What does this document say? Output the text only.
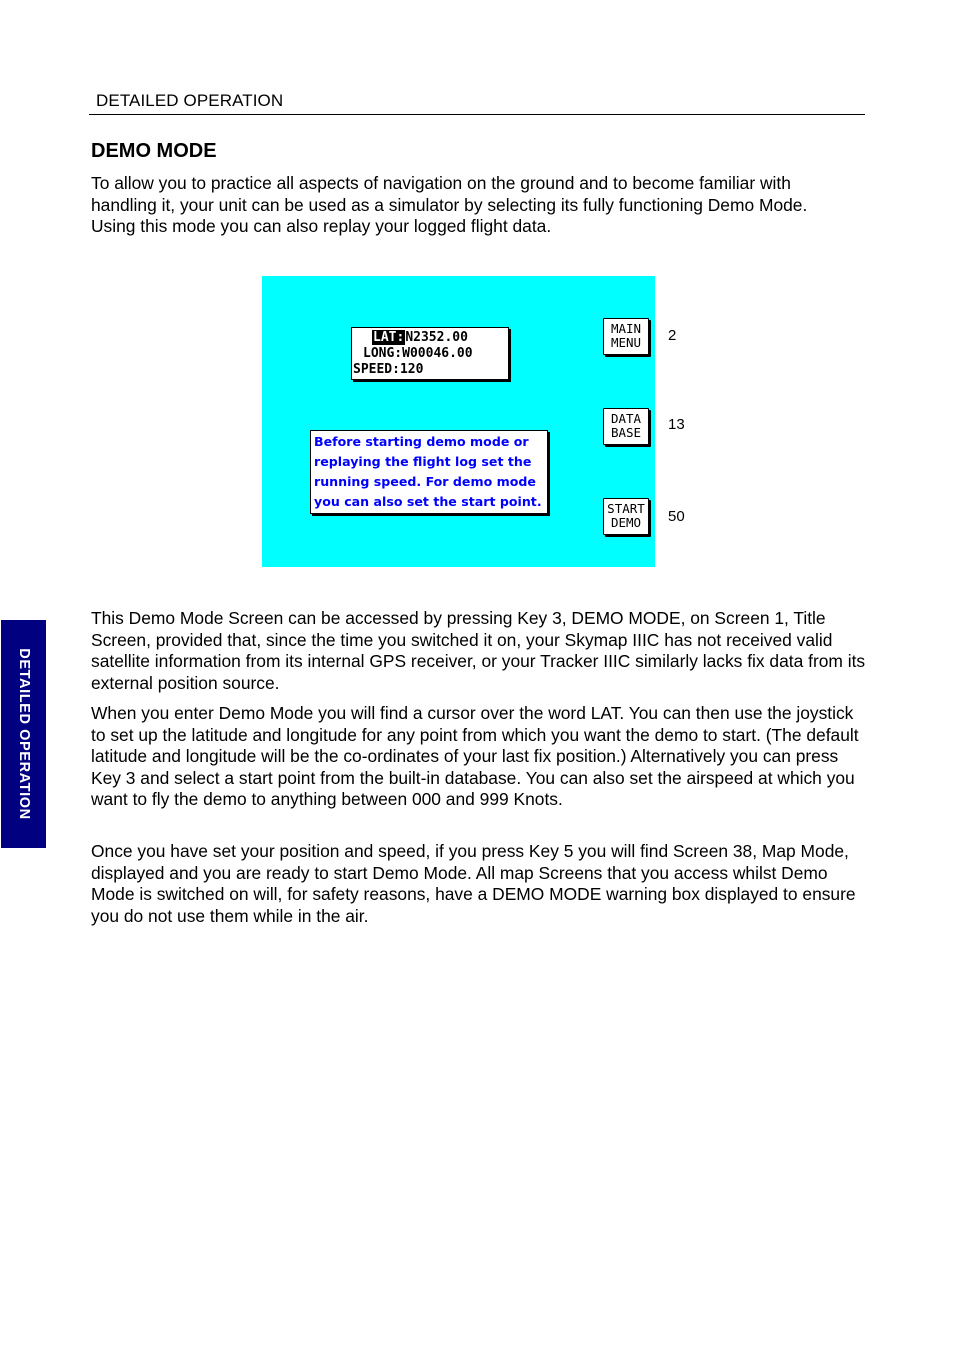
DETAILED OPERATION
DEMO MODE

To allow you to practice all aspects of navigation on the ground and to become familiar with handling it, your unit can be used as a simulator by selecting its fully functioning Demo Mode. Using this mode you can also replay your logged flight data.

LAT:N2352.00
LONG:W00046.00
SPEED:120
Before starting demo mode or
replaying the flight log set the
running speed. For demo mode
you can also set the start point.
MAIN
MENU
DATA
BASE
START
DEMO
2
13
50

This Demo Mode Screen can be accessed by pressing Key 3, DEMO MODE, on Screen 1, Title Screen, provided that, since the time you switched it on, your Skymap IIIC has not received valid satellite information from its internal GPS receiver, or your Tracker IIIC similarly lacks fix data from its external position source.

When you enter Demo Mode you will find a cursor over the word LAT. You can then use the joystick to set up the latitude and longitude for any point from which you want the demo to start. (The default latitude and longitude will be the co-ordinates of your last fix position.) Alternatively you can press Key 3 and select a start point from the built-in database. You can also set the airspeed at which you want to fly the demo to anything between 000 and 999 Knots.

Once you have set your position and speed, if you press Key 5 you will find Screen 38, Map Mode, displayed and you are ready to start Demo Mode. All map Screens that you access whilst Demo Mode is switched on will, for safety reasons, have a DEMO MODE warning box displayed to ensure you do not use them while in the air.

DETAILED OPERATION
